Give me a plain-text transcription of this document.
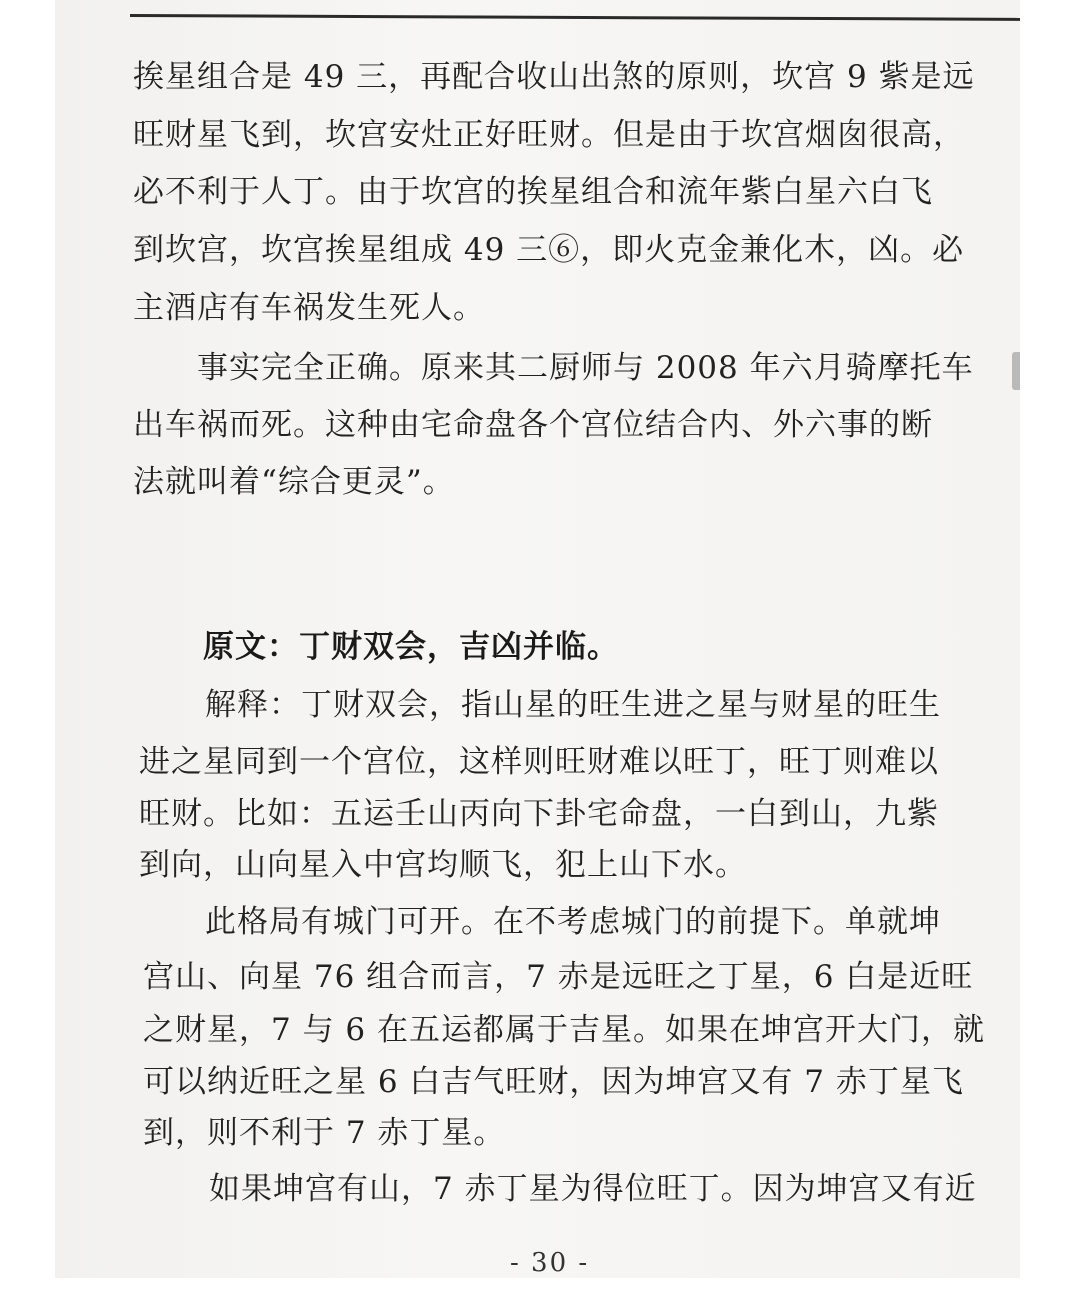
挨星组合是 49 三，再配合收山出煞的原则，坎宫 9 紫是远
旺财星飞到，坎宫安灶正好旺财。但是由于坎宫烟囱很高，
必不利于人丁。由于坎宫的挨星组合和流年紫白星六白飞
到坎宫，坎宫挨星组成 49 三⑥，即火克金兼化木，凶。必
主酒店有车祸发生死人。
事实完全正确。原来其二厨师与 2008 年六月骑摩托车
出车祸而死。这种由宅命盘各个宫位结合内、外六事的断
法就叫着“综合更灵”。
原文：丁财双会，吉凶并临。
解释：丁财双会，指山星的旺生进之星与财星的旺生
进之星同到一个宫位，这样则旺财难以旺丁，旺丁则难以
旺财。比如：五运壬山丙向下卦宅命盘，一白到山，九紫
到向，山向星入中宫均顺飞，犯上山下水。
此格局有城门可开。在不考虑城门的前提下。单就坤
宫山、向星 76 组合而言，7 赤是远旺之丁星，6 白是近旺
之财星，7 与 6 在五运都属于吉星。如果在坤宫开大门，就
可以纳近旺之星 6 白吉气旺财，因为坤宫又有 7 赤丁星飞
到，则不利于 7 赤丁星。
如果坤宫有山，7 赤丁星为得位旺丁。因为坤宫又有近
- 30 -
